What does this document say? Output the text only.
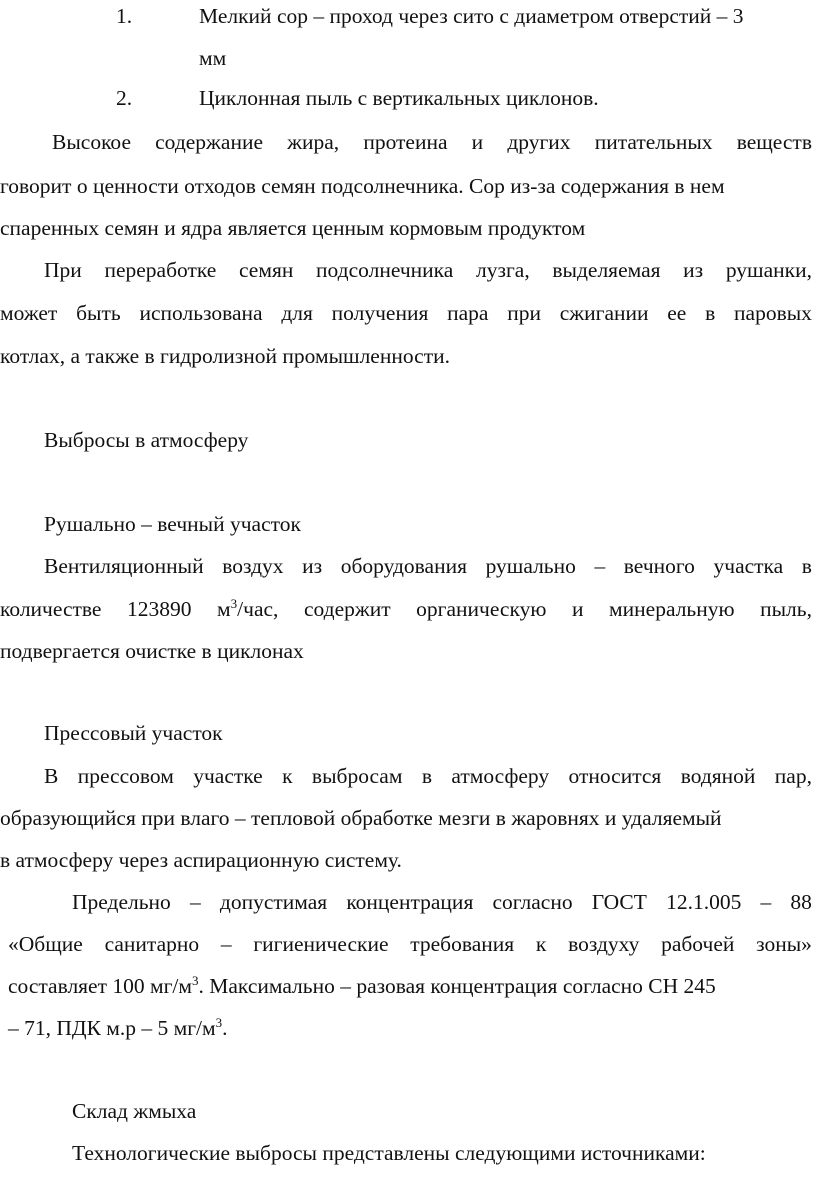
1.	Мелкий сор – проход через сито с диаметром отверстий – 3
мм
2.	Циклонная пыль с вертикальных циклонов.
Высокое содержание жира, протеина и других питательных веществ
говорит о ценности отходов семян подсолнечника. Сор из-за содержания в нем
спаренных семян и ядра является ценным кормовым продуктом
При переработке семян подсолнечника лузга, выделяемая из рушанки,
может быть использована для получения пара при сжигании ее в паровых
котлах, а также в гидролизной промышленности.
Выбросы в атмосферу
Рушально – вечный участок
Вентиляционный воздух из оборудования рушально – вечного участка в
количестве 123890 $м^3$/час, содержит органическую и минеральную пыль,
подвергается очистке в циклонах
Прессовый участок
В прессовом участке к выбросам в атмосферу относится водяной пар,
образующийся при влаго – тепловой обработке мезги в жаровнях и удаляемый
в атмосферу через аспирационную систему.
Предельно – допустимая концентрация согласно ГОСТ 12.1.005 – 88
«Общие санитарно – гигиенические требования к воздуху рабочей зоны»
составляет 100 $мг/м^3$. Максимально – разовая концентрация согласно СН 245
– 71, ПДК м.р – 5 $мг/м^3$.
Склад жмыха
Технологические выбросы представлены следующими источниками:
